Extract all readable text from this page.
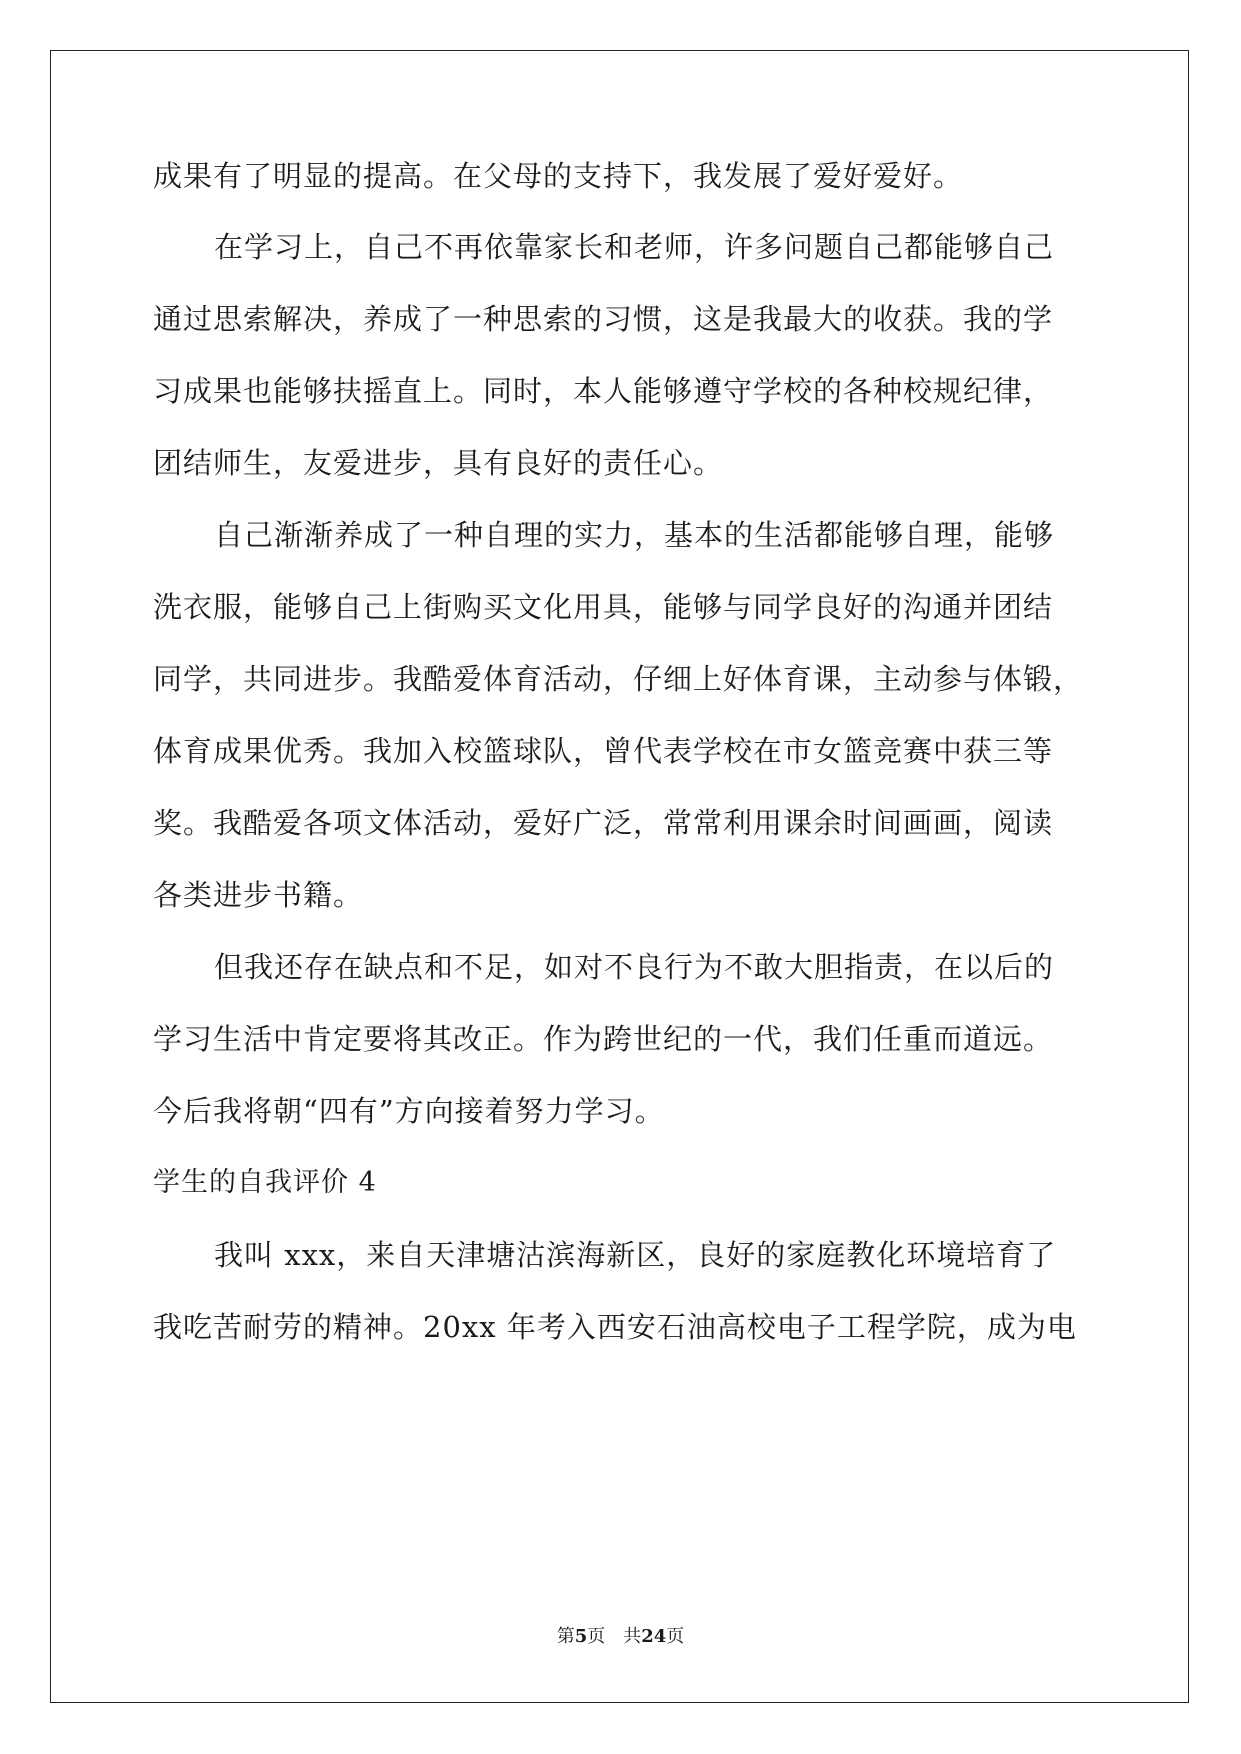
成果有了明显的提高。在父母的支持下，我发展了爱好爱好。
在学习上，自己不再依靠家长和老师，许多问题自己都能够自己
通过思索解决，养成了一种思索的习惯，这是我最大的收获。我的学
习成果也能够扶摇直上。同时，本人能够遵守学校的各种校规纪律，
团结师生，友爱进步，具有良好的责任心。
自己渐渐养成了一种自理的实力，基本的生活都能够自理，能够
洗衣服，能够自己上街购买文化用具，能够与同学良好的沟通并团结
同学，共同进步。我酷爱体育活动，仔细上好体育课，主动参与体锻，
体育成果优秀。我加入校篮球队，曾代表学校在市女篮竞赛中获三等
奖。我酷爱各项文体活动，爱好广泛，常常利用课余时间画画，阅读
各类进步书籍。
但我还存在缺点和不足，如对不良行为不敢大胆指责，在以后的
学习生活中肯定要将其改正。作为跨世纪的一代，我们任重而道远。
今后我将朝“四有”方向接着努力学习。
学生的自我评价 4
我叫 xxx，来自天津塘沽滨海新区，良好的家庭教化环境培育了
我吃苦耐劳的精神。20xx 年考入西安石油高校电子工程学院，成为电
第5页 共24页
